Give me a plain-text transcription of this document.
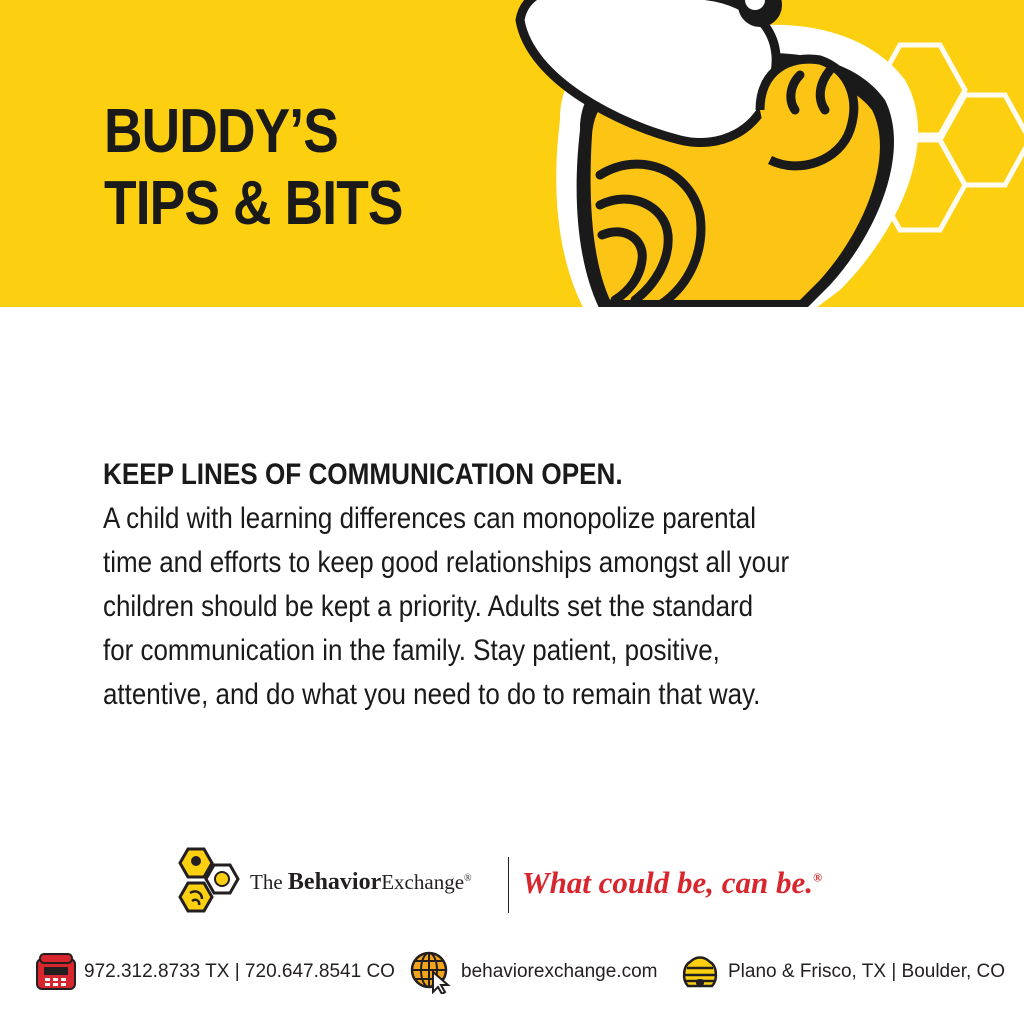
BUDDY’S
TIPS & BITS
KEEP LINES OF COMMUNICATION OPEN.
A child with learning differences can monopolize parental
time and efforts to keep good relationships amongst all your
children should be kept a priority. Adults set the standard
for communication in the family. Stay patient, positive,
attentive, and do what you need to do to remain that way.
The BehaviorExchange® What could be, can be.®
972.312.8733 TX | 720.647.8541 CO	behaviorexchange.com	Plano & Frisco, TX | Boulder, CO
